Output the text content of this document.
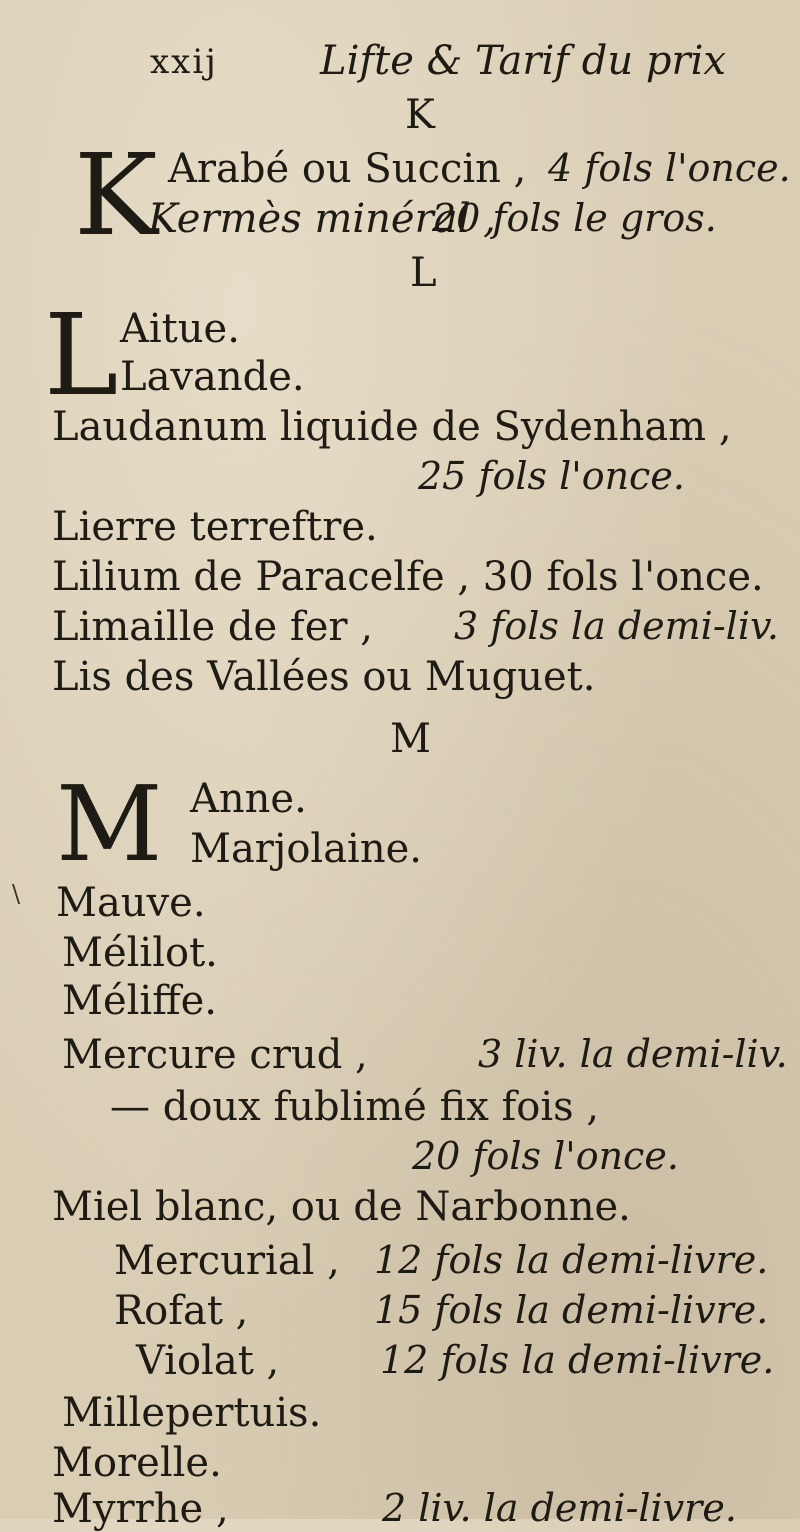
xxij	Lifte & Tarif du prix
K
K Arabé ou Succin , 4 fols l'once.
Kermès minéral ,
20 fols le gros.
L
L Aitue.
Lavande.
Laudanum liquide de Sydenham ,
25 fols l'once.
Lierre terreftre.
Lilium de Paracelfe , 30 fols l'once.
Limaille de fer , 3 fols la demi-liv.
Lis des Vallées ou Muguet.
M
M Anne.
Marjolaine.
Mauve.
Mélilot.
Méliffe.
Mercure crud ,	3 liv. la demi-liv.
— doux fublimé fix fois ,
20 fols l'once.
Miel blanc, ou de Narbonne.
Mercurial , 12 fols la demi-livre.
Rofat ,	15 fols la demi-livre.
Violat ,	12 fols la demi-livre.
Millepertuis.
Morelle.
Myrrhe ,	2 liv. la demi-livre.
\
